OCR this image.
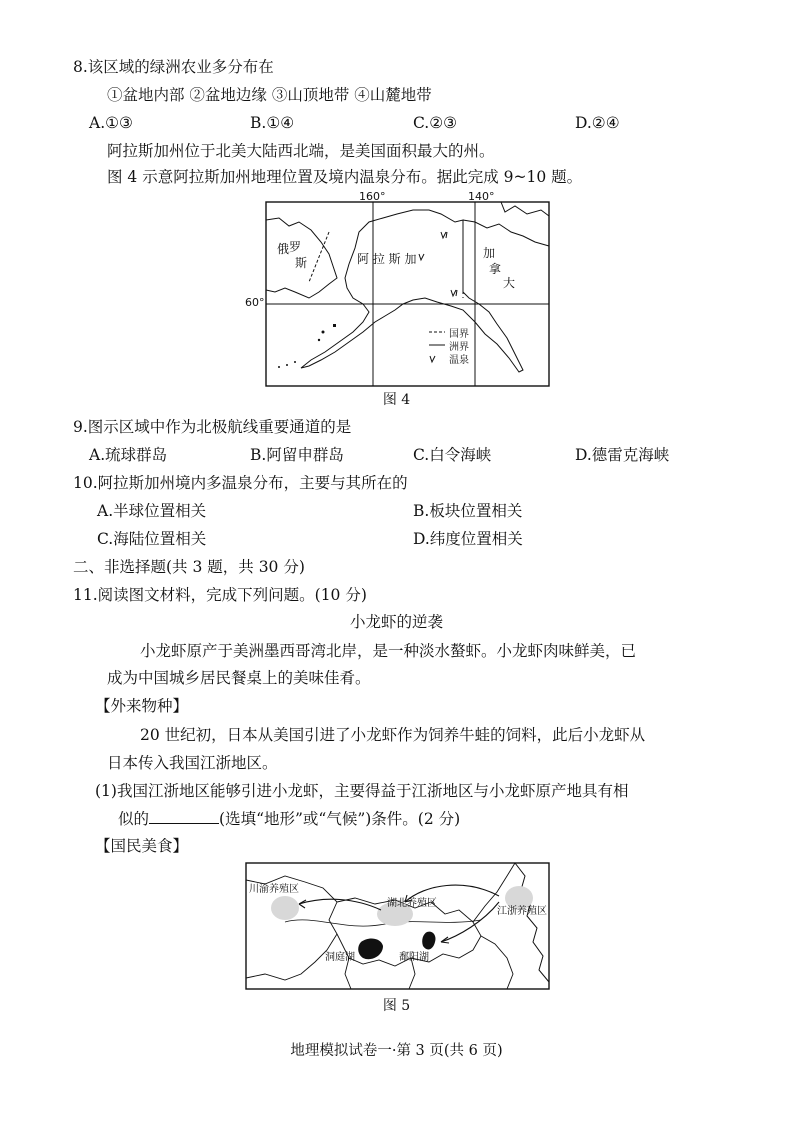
8.该区域的绿洲农业多分布在
①盆地内部 ②盆地边缘 ③山顶地带 ④山麓地带
A.①③	B.①④	C.②③	D.②④
阿拉斯加州位于北美大陆西北端，是美国面积最大的州。
图 4 示意阿拉斯加州地理位置及境内温泉分布。据此完成 9~10 题。
160°	140°
60°
俄 罗
斯	阿 拉 斯 加	加
拿
大
国界
洲界
温泉
图 4
9.图示区域中作为北极航线重要通道的是
A.琉球群岛	B.阿留申群岛	C.白令海峡	D.德雷克海峡
10.阿拉斯加州境内多温泉分布，主要与其所在的
A.半球位置相关	B.板块位置相关
C.海陆位置相关	D.纬度位置相关
二、非选择题(共 3 题，共 30 分)
11.阅读图文材料，完成下列问题。(10 分)
小龙虾的逆袭
小龙虾原产于美洲墨西哥湾北岸，是一种淡水螯虾。小龙虾肉味鲜美，已
成为中国城乡居民餐桌上的美味佳肴。
【外来物种】
20 世纪初，日本从美国引进了小龙虾作为饲养牛蛙的饲料，此后小龙虾从
日本传入我国江浙地区。
(1)我国江浙地区能够引进小龙虾，主要得益于江浙地区与小龙虾原产地具有相
似的	(选填“地形”或“气候”)条件。(2 分)
【国民美食】
川渝养殖区
湖北养殖区
江浙养殖区
洞庭湖	鄱阳湖
图 5
地理模拟试卷一·第 3 页(共 6 页)
